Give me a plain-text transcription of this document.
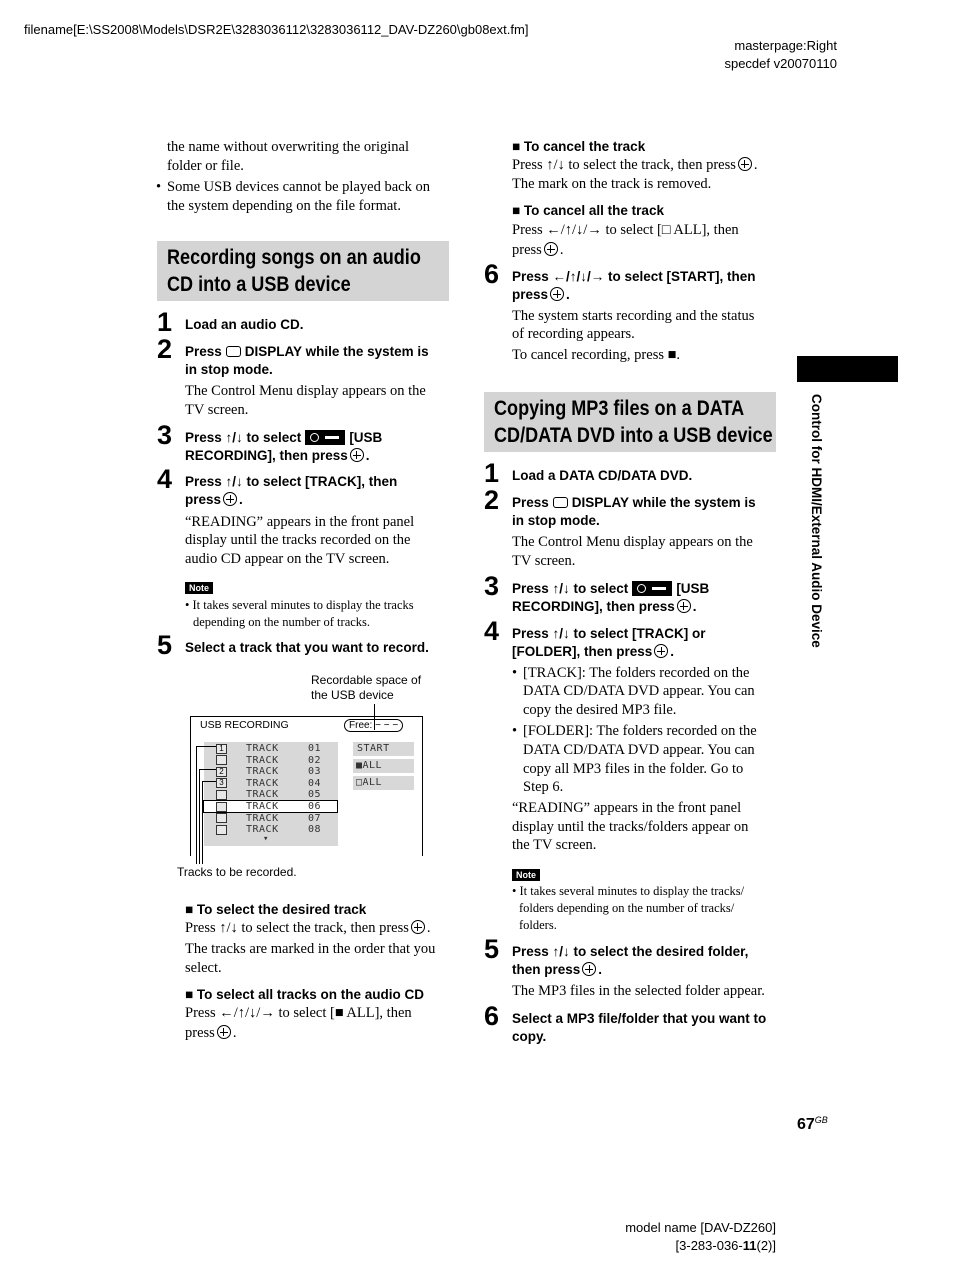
filename[E:\SS2008\Models\DSR2E\3283036112\3283036112_DAV-DZ260\gb08ext.fm]
masterpage:Right
specdef v20070110
the name without overwriting the original
folder or file.
• Some USB devices cannot be played back on
the system depending on the file format.
Recording songs on an audio
CD into a USB device
1 Load an audio CD.
2 Press DISPLAY while the system is
in stop mode.
The Control Menu display appears on the
TV screen.
3 Press ↑/↓ to select	[USB
RECORDING], then press .
4 Press ↑/↓ to select [TRACK], then
press .
“READING” appears in the front panel
display until the tracks recorded on the
audio CD appear on the TV screen.
Note
• It takes several minutes to display the tracks
depending on the number of tracks.
5 Select a track that you want to record.
Recordable space of
the USB device
USB RECORDING	Free: − − −
1	TRACK	01
TRACK	02
2	TRACK	03
3	TRACK	04
TRACK	05
TRACK	06
TRACK	07
TRACK	08
▾
START
■ALL
□ALL
Tracks to be recorded.
■ To select the desired track
Press ↑/↓ to select the track, then press .
The tracks are marked in the order that you
select.
■ To select all tracks on the audio CD
Press ←/↑/↓/→ to select [■ ALL], then
press .
■ To cancel the track
Press ↑/↓ to select the track, then press .
The mark on the track is removed.
■ To cancel all the track
Press ←/↑/↓/→ to select [□ ALL], then
press .
6 Press ←/↑/↓/→ to select [START], then
press .
The system starts recording and the status
of recording appears.
To cancel recording, press ■.
Copying MP3 files on a DATA
CD/DATA DVD into a USB device
1 Load a DATA CD/DATA DVD.
2 Press DISPLAY while the system is
in stop mode.
The Control Menu display appears on the
TV screen.
3 Press ↑/↓ to select	[USB
RECORDING], then press .
4 Press ↑/↓ to select [TRACK] or
[FOLDER], then press .
• [TRACK]: The folders recorded on the
DATA CD/DATA DVD appear. You can
copy the desired MP3 file.
• [FOLDER]: The folders recorded on the
DATA CD/DATA DVD appear. You can
copy all MP3 files in the folder. Go to
Step 6.
“READING” appears in the front panel
display until the tracks/folders appear on
the TV screen.
Note
• It takes several minutes to display the tracks/
folders depending on the number of tracks/
folders.
5 Press ↑/↓ to select the desired folder,
then press .
The MP3 files in the selected folder appear.
6 Select a MP3 file/folder that you want to
copy.
Control for HDMI/External Audio Device
$67^{GB}$
model name [DAV-DZ260]
[3-283-036-11(2)]
